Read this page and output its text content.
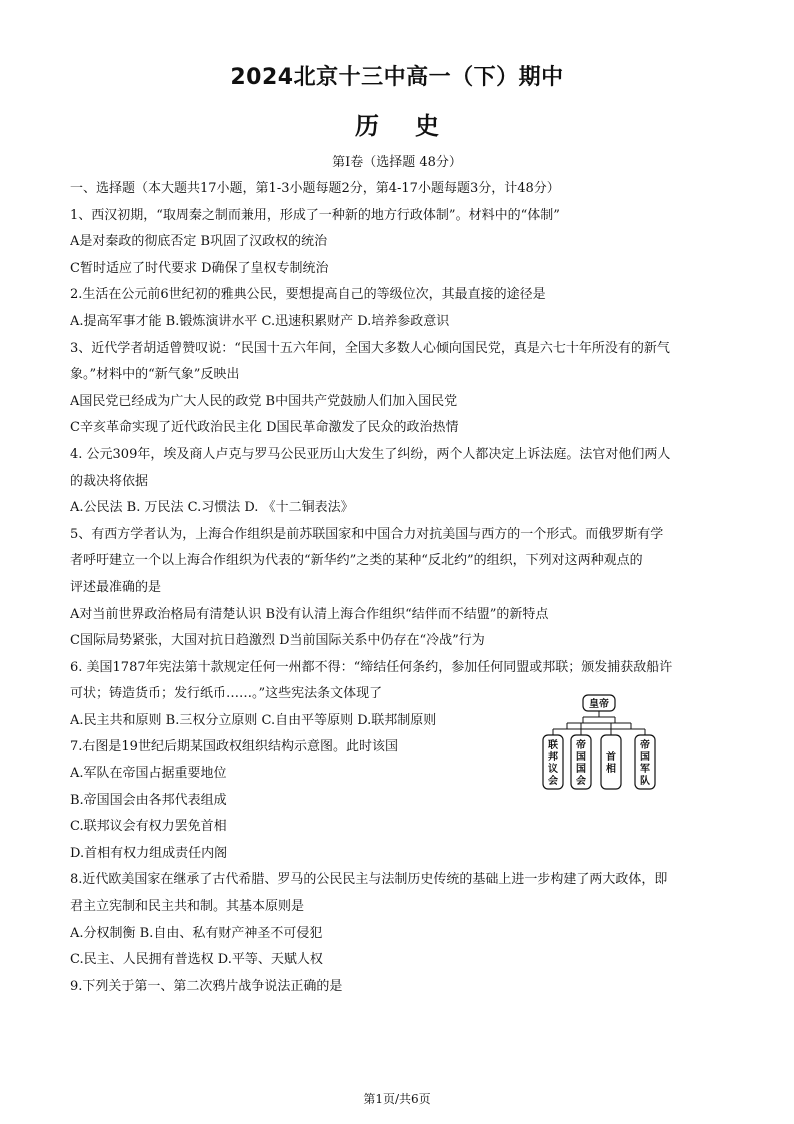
2024北京十三中高一（下）期中
历史
第Ⅰ卷（选择题 48分）
一、选择题（本大题共17小题，第1-3小题每题2分，第4-17小题每题3分，计48分）
1、西汉初期，“取周秦之制而兼用，形成了一种新的地方行政体制”。材料中的“体制”
A是对秦政的彻底否定 B巩固了汉政权的统治
C暂时适应了时代要求 D确保了皇权专制统治
2.生活在公元前6世纪初的雅典公民，要想提高自己的等级位次，其最直接的途径是
A.提高军事才能 B.锻炼演讲水平 C.迅速积累财产 D.培养参政意识
3、近代学者胡适曾赞叹说：“民国十五六年间，全国大多数人心倾向国民党，真是六七十年所没有的新气
象。”材料中的“新气象”反映出
A国民党已经成为广大人民的政党 B中国共产党鼓励人们加入国民党
C辛亥革命实现了近代政治民主化 D国民革命激发了民众的政治热情
4. 公元309年，埃及商人卢克与罗马公民亚历山大发生了纠纷，两个人都决定上诉法庭。法官对他们两人
的裁决将依据
A.公民法 B. 万民法 C.习惯法 D. 《十二铜表法》
5、有西方学者认为，上海合作组织是前苏联国家和中国合力对抗美国与西方的一个形式。而俄罗斯有学
者呼吁建立一个以上海合作组织为代表的“新华约”之类的某种“反北约”的组织，下列对这两种观点的
评述最准确的是
A对当前世界政治格局有清楚认识 B没有认清上海合作组织“结伴而不结盟”的新特点
C国际局势紧张，大国对抗日趋激烈 D当前国际关系中仍存在“冷战”行为
6. 美国1787年宪法第十款规定任何一州都不得：“缔结任何条约，参加任何同盟或邦联；颁发捕获敌船许
可状；铸造货币；发行纸币……。”这些宪法条文体现了
A.民主共和原则 B.三权分立原则 C.自由平等原则 D.联邦制原则
7.右图是19世纪后期某国政权组织结构示意图。此时该国
A.军队在帝国占据重要地位
B.帝国国会由各邦代表组成
C.联邦议会有权力罢免首相
D.首相有权力组成责任内阁
8.近代欧美国家在继承了古代希腊、罗马的公民民主与法制历史传统的基础上进一步构建了两大政体，即
君主立宪制和民主共和制。其基本原则是
A.分权制衡 B.自由、私有财产神圣不可侵犯
C.民主、人民拥有普选权 D.平等、天赋人权
9.下列关于第一、第二次鸦片战争说法正确的是
皇帝
联邦议会
帝国国会
首相
帝国军队
第1页/共6页
